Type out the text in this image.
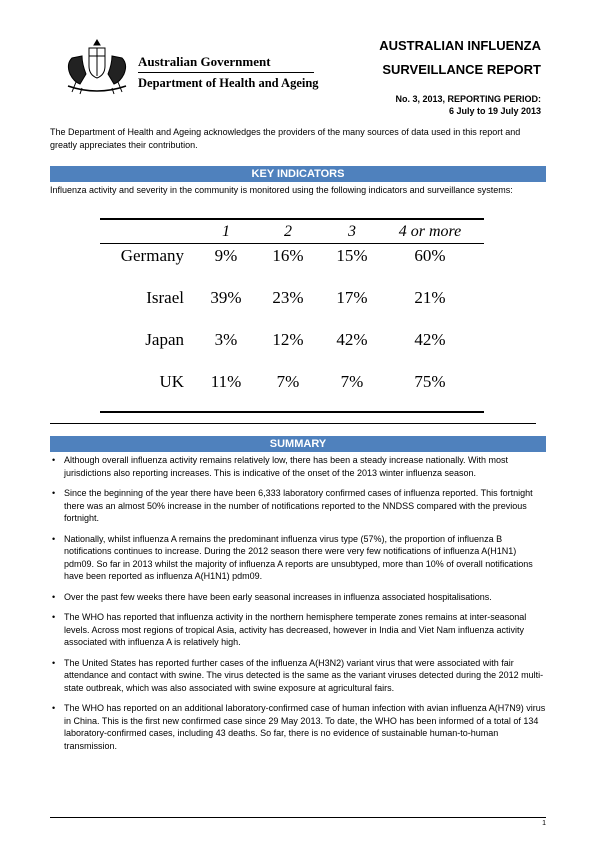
Australian Government
Department of Health and Ageing
AUSTRALIAN INFLUENZA
SURVEILLANCE REPORT
No. 3, 2013, REPORTING PERIOD:
6 July to 19 July 2013
The Department of Health and Ageing acknowledges the providers of the many sources of data used in this report and greatly appreciates their contribution.
KEY INDICATORS
Influenza activity and severity in the community is monitored using the following indicators and surveillance systems:
1	2	3	4 or more
Germany	9%	16% 15%	60%
Israel 39% 23% 17%	21%
Japan	3%	12% 42%	42%
UK 11%	7%	7%	75%
SUMMARY
• Although overall influenza activity remains relatively low, there has been a steady increase nationally. With most jurisdictions also reporting increases. This is indicative of the onset of the 2013 winter influenza season.
• Since the beginning of the year there have been 6,333 laboratory confirmed cases of influenza reported. This fortnight there was an almost 50% increase in the number of notifications reported to the NNDSS compared with the previous fortnight.
• Nationally, whilst influenza A remains the predominant influenza virus type (57%), the proportion of influenza B notifications continues to increase. During the 2012 season there were very few notifications of influenza A(H1N1) pdm09. So far in 2013 whilst the majority of influenza A reports are unsubtyped, more than 10% of overall notifications have been reported as influenza A(H1N1) pdm09.
• Over the past few weeks there have been early seasonal increases in influenza associated hospitalisations.
• The WHO has reported that influenza activity in the northern hemisphere temperate zones remains at inter-seasonal levels. Across most regions of tropical Asia, activity has decreased, however in India and Viet Nam influenza activity associated with influenza A is relatively high.
• The United States has reported further cases of the influenza A(H3N2) variant virus that were associated with fair attendance and contact with swine. The virus detected is the same as the variant viruses detected during the 2012 multi-state outbreak, which was also associated with swine exposure at agricultural fairs.
• The WHO has reported on an additional laboratory-confirmed case of human infection with avian influenza A(H7N9) virus in China. This is the first new confirmed case since 29 May 2013. To date, the WHO has been informed of a total of 134 laboratory-confirmed cases, including 43 deaths. So far, there is no evidence of sustainable human-to-human transmission.
1
